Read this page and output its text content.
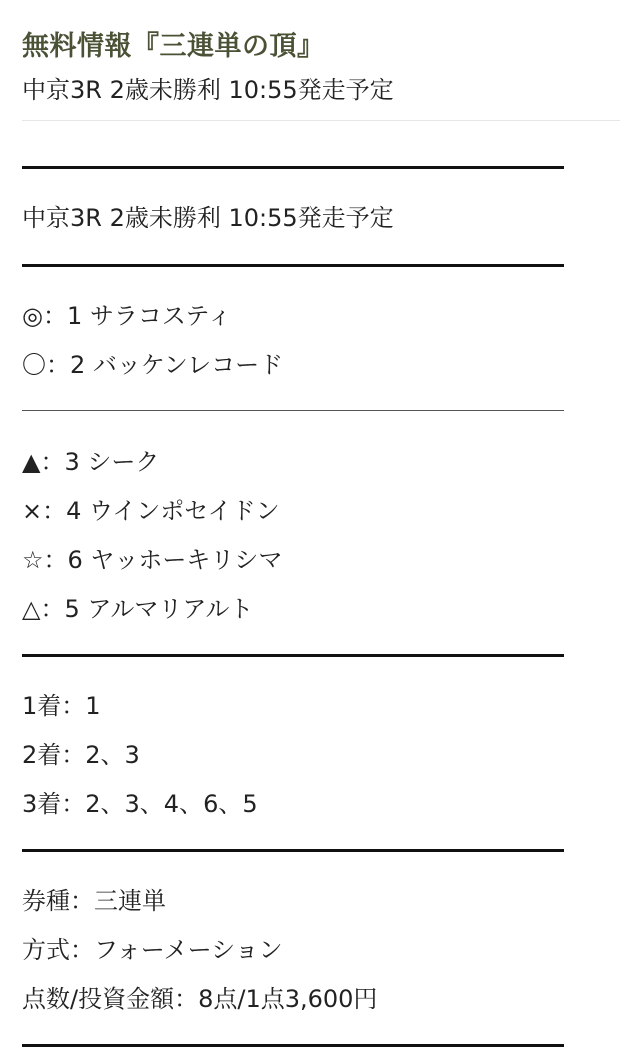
無料情報『三連単の頂』
中京3R 2歳未勝利 10:55発走予定
中京3R 2歳未勝利 10:55発走予定
◎：1 サラコスティ
〇：2 バッケンレコード
▲：3 シーク
×：4 ウインポセイドン
☆：6 ヤッホーキリシマ
△：5 アルマリアルト
1着：1
2着：2、3
3着：2、3、4、6、5
券種：三連単
方式：フォーメーション
点数/投資金額：8点/1点3,600円
